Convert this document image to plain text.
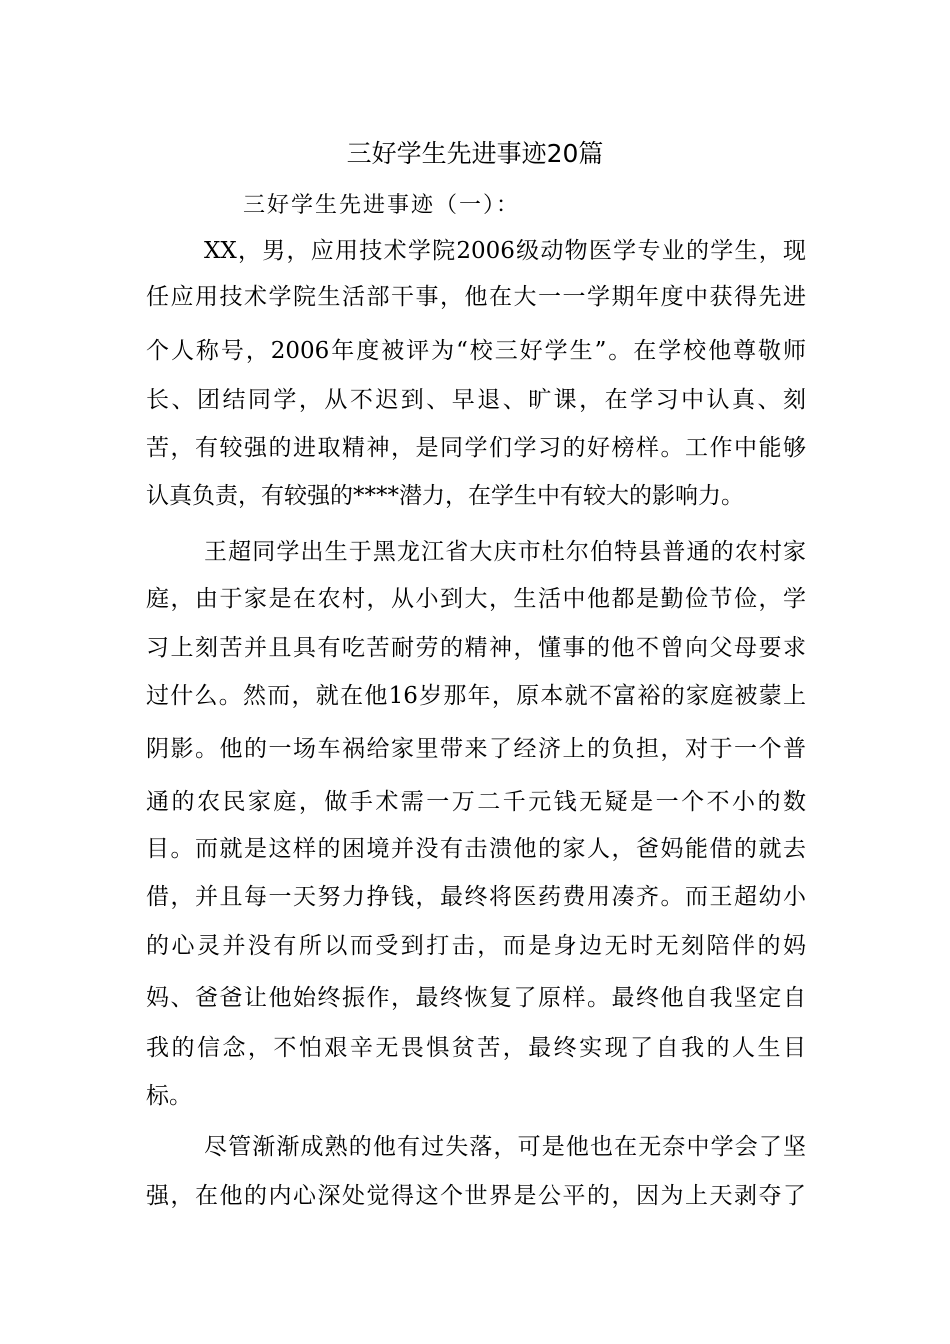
三好学生先进事迹20篇
三好学生先进事迹（一）：
XX，男，应用技术学院2006级动物医学专业的学生，现
任应用技术学院生活部干事，他在大一一学期年度中获得先进
个人称号，2006年度被评为“校三好学生”。在学校他尊敬师
长、团结同学，从不迟到、早退、旷课，在学习中认真、刻
苦，有较强的进取精神，是同学们学习的好榜样。工作中能够
认真负责，有较强的****潜力，在学生中有较大的影响力。
王超同学出生于黑龙江省大庆市杜尔伯特县普通的农村家
庭，由于家是在农村，从小到大，生活中他都是勤俭节俭，学
习上刻苦并且具有吃苦耐劳的精神，懂事的他不曾向父母要求
过什么。然而，就在他16岁那年，原本就不富裕的家庭被蒙上
阴影。他的一场车祸给家里带来了经济上的负担，对于一个普
通的农民家庭，做手术需一万二千元钱无疑是一个不小的数
目。而就是这样的困境并没有击溃他的家人，爸妈能借的就去
借，并且每一天努力挣钱，最终将医药费用凑齐。而王超幼小
的心灵并没有所以而受到打击，而是身边无时无刻陪伴的妈
妈、爸爸让他始终振作，最终恢复了原样。最终他自我坚定自
我的信念，不怕艰辛无畏惧贫苦，最终实现了自我的人生目
标。
尽管渐渐成熟的他有过失落，可是他也在无奈中学会了坚
强，在他的内心深处觉得这个世界是公平的，因为上天剥夺了
